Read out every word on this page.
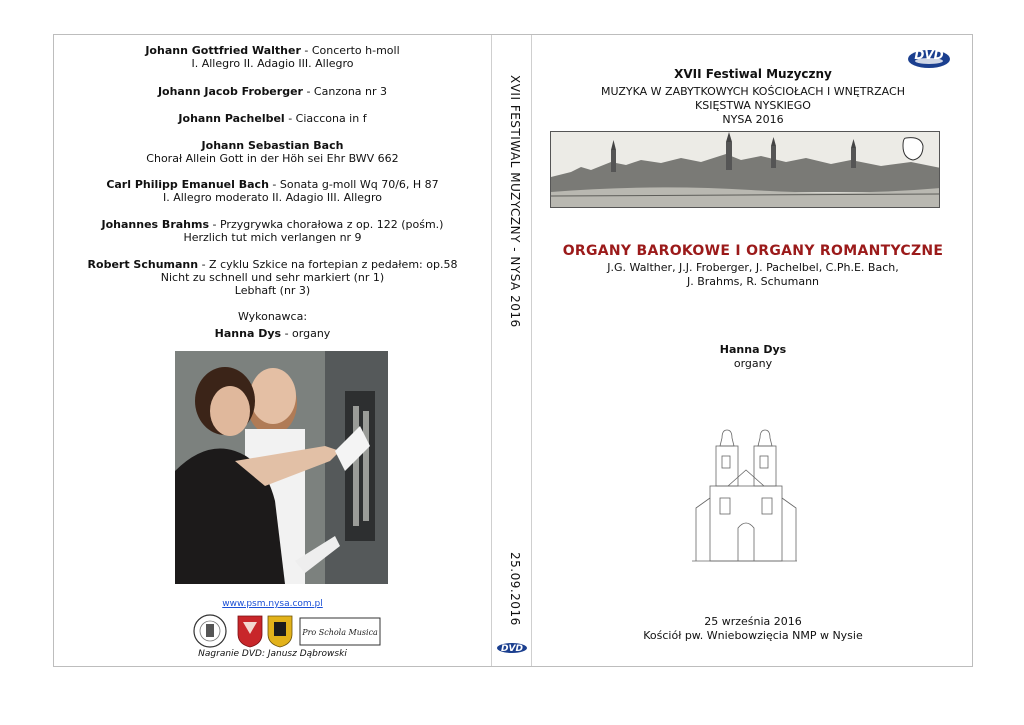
Johann Gottfried Walther - Concerto h-moll
I. Allegro II. Adagio III. Allegro
Johann Jacob Froberger - Canzona nr 3
Johann Pachelbel - Ciaccona in f
Johann Sebastian Bach
Chorał Allein Gott in der Höh sei Ehr BWV 662
Carl Philipp Emanuel Bach - Sonata g-moll Wq 70/6, H 87
I. Allegro moderato II. Adagio III. Allegro
Johannes Brahms - Przygrywka chorałowa z op. 122 (pośm.)
Herzlich tut mich verlangen nr 9
Robert Schumann - Z cyklu Szkice na fortepian z pedałem: op.58
Nicht zu schnell und sehr markiert (nr 1)
Lebhaft (nr 3)
Wykonawca:
Hanna Dys - organy
www.psm.nysa.com.pl
Pro Schola Musica
Nagranie DVD: Janusz Dąbrowski
XVII FESTIWAL MUZYCZNY - NYSA 2016
25.09.2016
DVD
DVD
XVII Festiwal Muzyczny
MUZYKA W ZABYTKOWYCH KOŚCIOŁACH I WNĘTRZACH
KSIĘSTWA NYSKIEGO
NYSA 2016
ORGANY BAROKOWE I ORGANY ROMANTYCZNE
J.G. Walther, J.J. Froberger, J. Pachelbel, C.Ph.E. Bach,
J. Brahms, R. Schumann
Hanna Dys
organy
25 września 2016
Kościół pw. Wniebowzięcia NMP w Nysie
